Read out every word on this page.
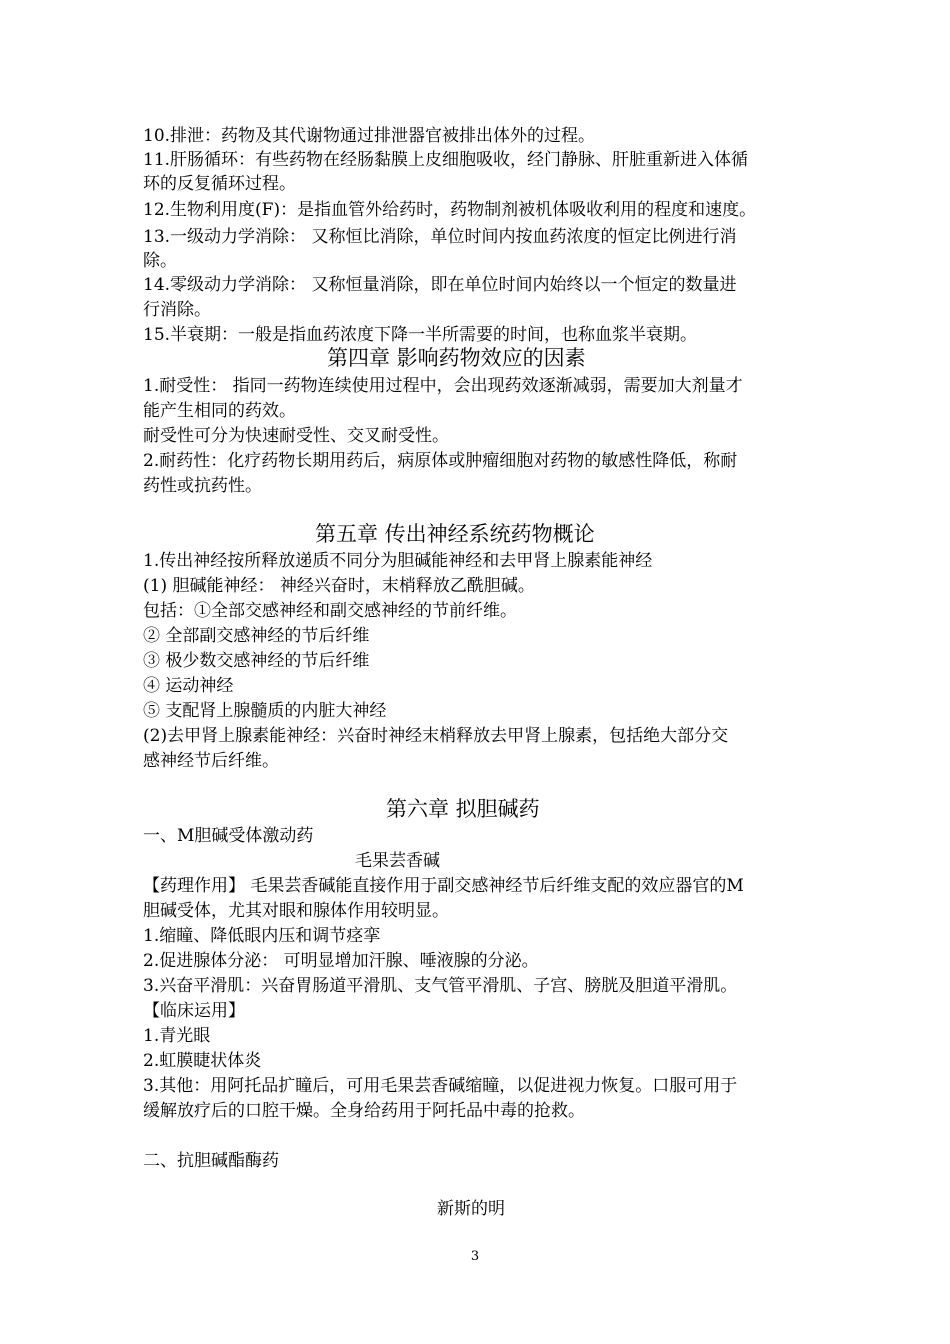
10.排泄：药物及其代谢物通过排泄器官被排出体外的过程。
11.肝肠循环：有些药物在经肠黏膜上皮细胞吸收，经门静脉、肝脏重新进入体循
环的反复循环过程。
12.生物利用度(F)：是指血管外给药时，药物制剂被机体吸收利用的程度和速度。
13.一级动力学消除： 又称恒比消除，单位时间内按血药浓度的恒定比例进行消
除。
14.零级动力学消除： 又称恒量消除，即在单位时间内始终以一个恒定的数量进
行消除。
15.半衰期：一般是指血药浓度下降一半所需要的时间，也称血浆半衰期。
第四章 影响药物效应的因素
1.耐受性： 指同一药物连续使用过程中，会出现药效逐渐减弱，需要加大剂量才
能产生相同的药效。
耐受性可分为快速耐受性、交叉耐受性。
2.耐药性：化疗药物长期用药后，病原体或肿瘤细胞对药物的敏感性降低，称耐
药性或抗药性。
第五章 传出神经系统药物概论
1.传出神经按所释放递质不同分为胆碱能神经和去甲肾上腺素能神经
(1) 胆碱能神经： 神经兴奋时，末梢释放乙酰胆碱。
包括：①全部交感神经和副交感神经的节前纤维。
② 全部副交感神经的节后纤维
③ 极少数交感神经的节后纤维
④ 运动神经
⑤ 支配肾上腺髓质的内脏大神经
(2)去甲肾上腺素能神经：兴奋时神经末梢释放去甲肾上腺素，包括绝大部分交
感神经节后纤维。
第六章 拟胆碱药
一、M胆碱受体激动药
毛果芸香碱
【药理作用】 毛果芸香碱能直接作用于副交感神经节后纤维支配的效应器官的M
胆碱受体，尤其对眼和腺体作用较明显。
1.缩瞳、降低眼内压和调节痉挛
2.促进腺体分泌： 可明显增加汗腺、唾液腺的分泌。
3.兴奋平滑肌：兴奋胃肠道平滑肌、支气管平滑肌、子宫、膀胱及胆道平滑肌。
【临床运用】
1.青光眼
2.虹膜睫状体炎
3.其他：用阿托品扩瞳后，可用毛果芸香碱缩瞳，以促进视力恢复。口服可用于
缓解放疗后的口腔干燥。全身给药用于阿托品中毒的抢救。
二、抗胆碱酯酶药
新斯的明
3
